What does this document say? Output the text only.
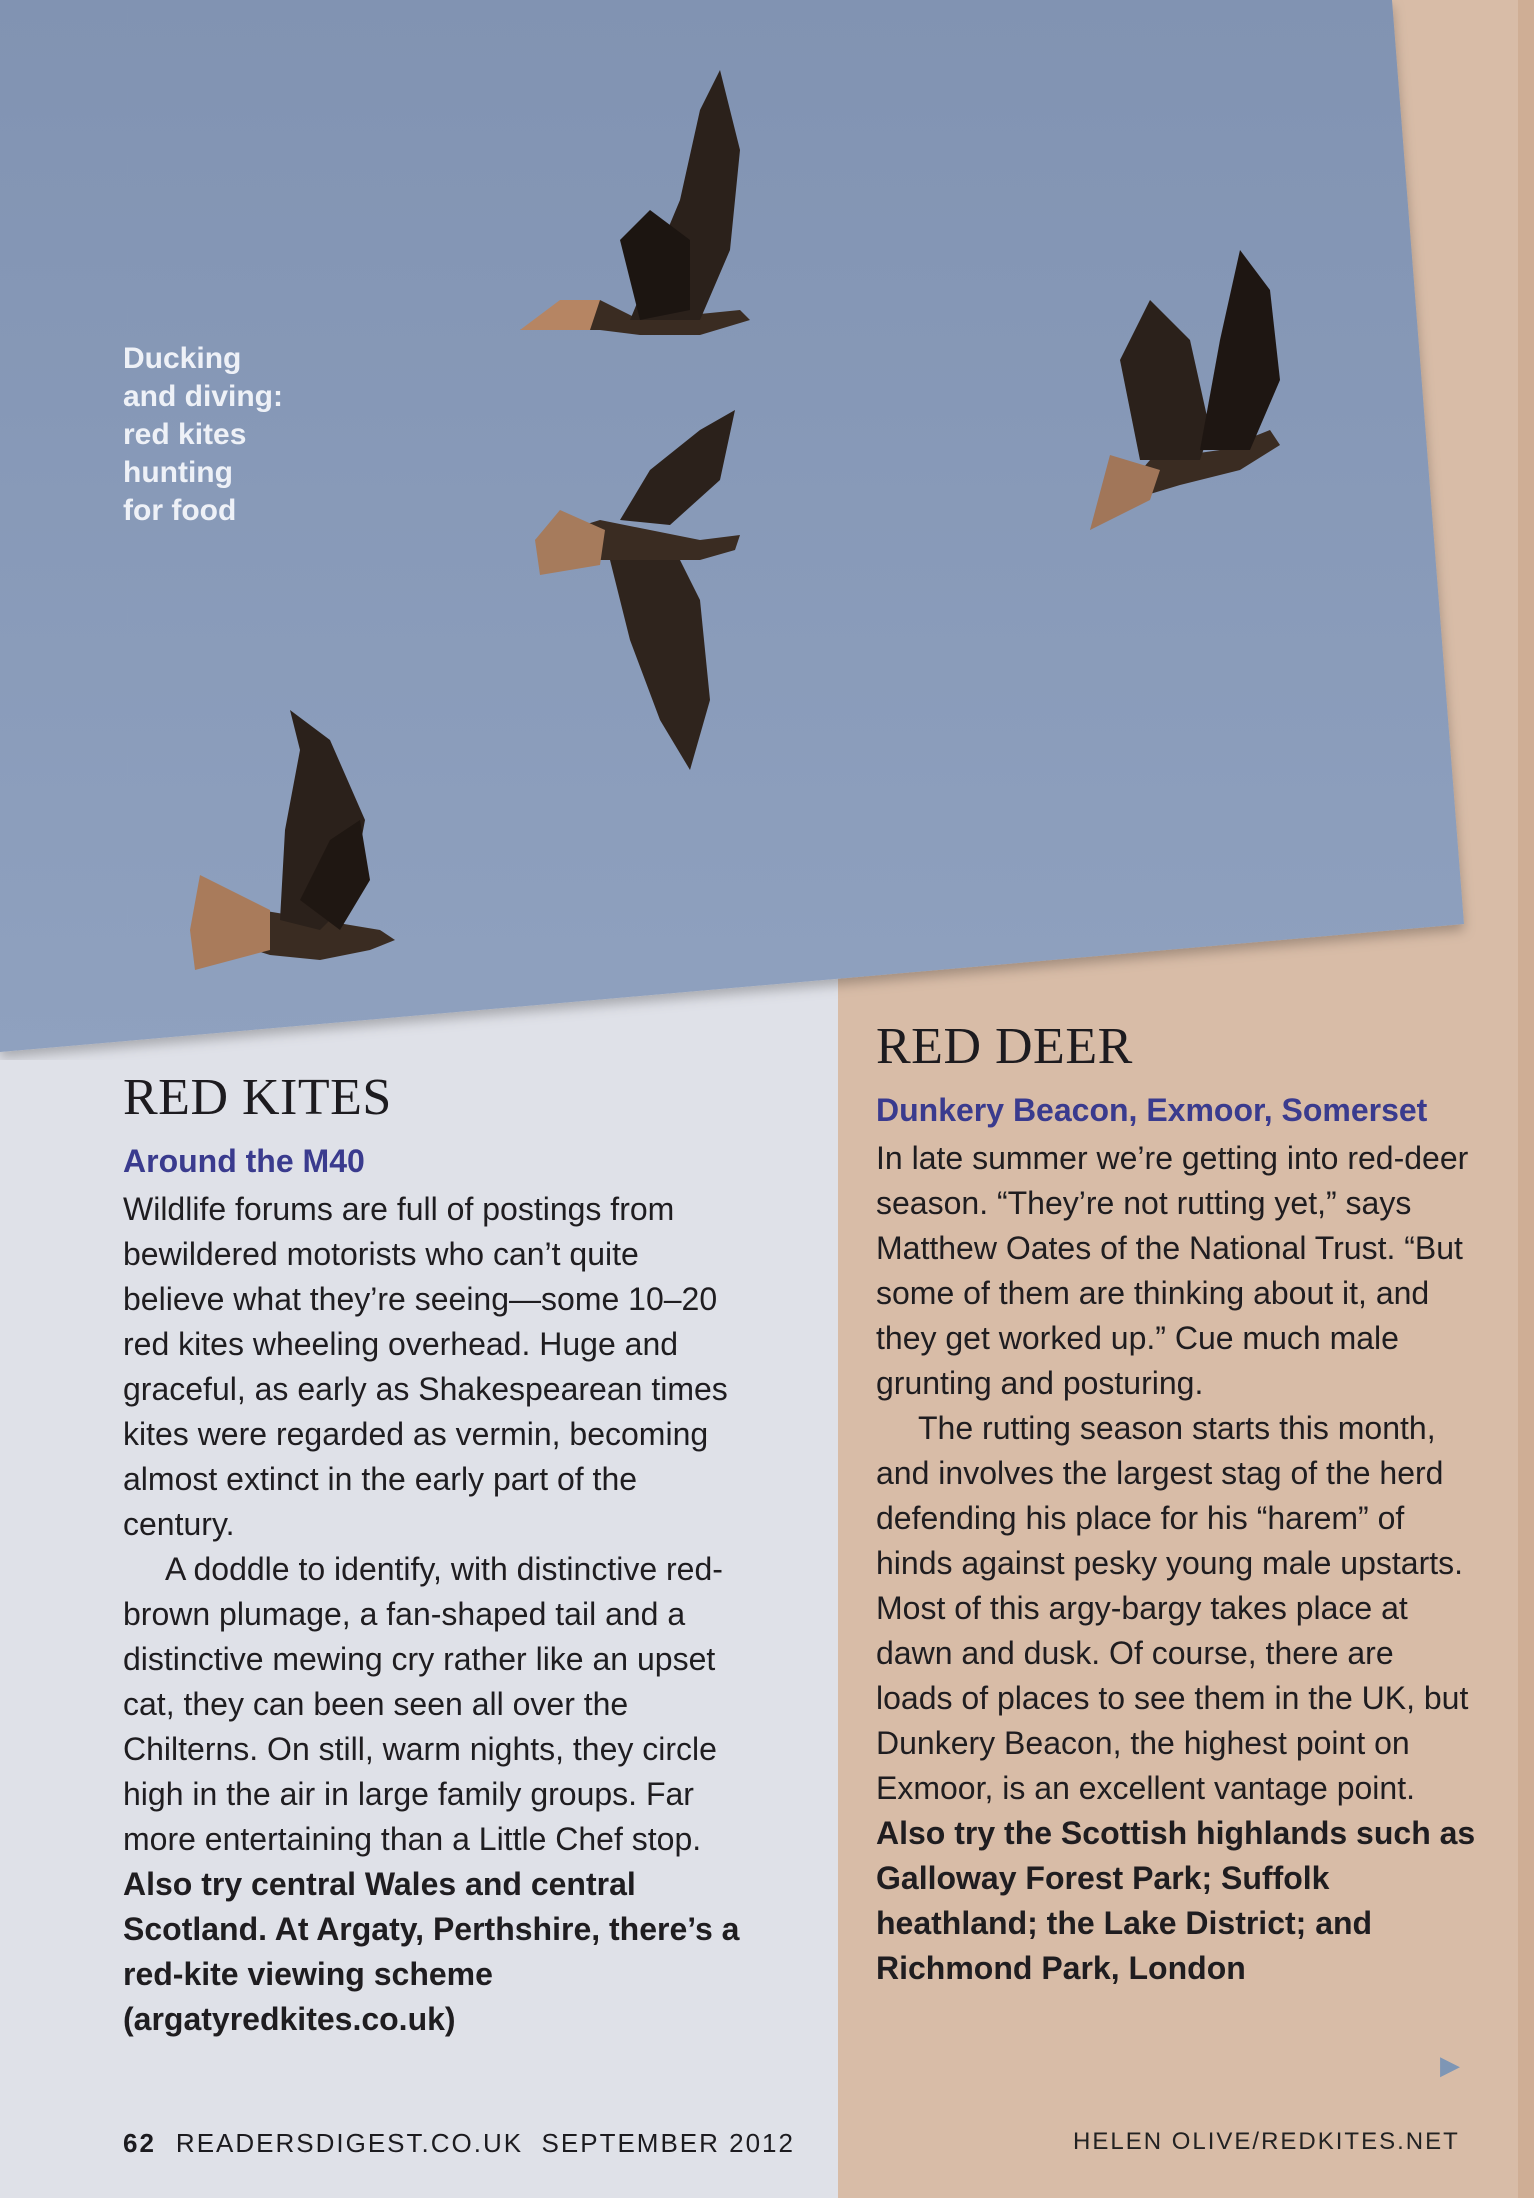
Ducking
and diving:
red kites
hunting
for food
RED KITES
Around the M40

Wildlife forums are full of postings from bewildered motorists who can’t quite believe what they’re seeing—some 10–20 red kites wheeling overhead. Huge and graceful, as early as Shakespearean times kites were regarded as vermin, becoming almost extinct in the early part of the century.

A doddle to identify, with distinctive red-brown plumage, a fan-shaped tail and a distinctive mewing cry rather like an upset cat, they can been seen all over the Chilterns. On still, warm nights, they circle high in the air in large family groups. Far more entertaining than a Little Chef stop.

Also try central Wales and central Scotland. At Argaty, Perthshire, there’s a red-kite viewing scheme (argatyredkites.co.uk)

RED DEER
Dunkery Beacon, Exmoor, Somerset

In late summer we’re getting into red-deer season. “They’re not rutting yet,” says Matthew Oates of the National Trust. “But some of them are thinking about it, and they get worked up.” Cue much male grunting and posturing.

The rutting season starts this month, and involves the largest stag of the herd defending his place for his “harem” of hinds against pesky young male upstarts. Most of this argy-bargy takes place at dawn and dusk. Of course, there are loads of places to see them in the UK, but Dunkery Beacon, the highest point on Exmoor, is an excellent vantage point.

Also try the Scottish highlands such as Galloway Forest Park; Suffolk heathland; the Lake District; and Richmond Park, London

▶
62 READERSDIGEST.CO.UK  SEPTEMBER 2012	HELEN OLIVE/REDKITES.NET
